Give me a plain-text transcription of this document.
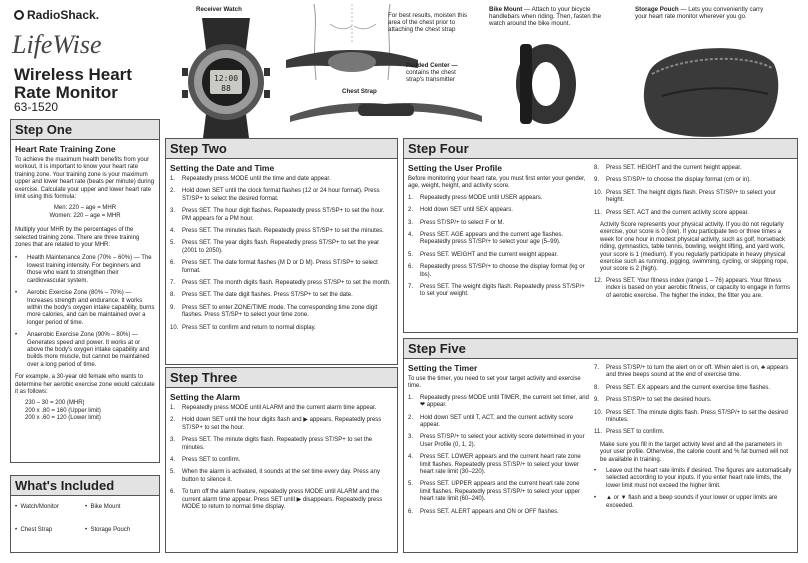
RadioShack.
LifeWise
Wireless Heart
Rate Monitor
63-1520
Receiver Watch
12:00
88
For best results, moisten this area of the chest prior to attaching the chest strap
Padded Center — contains the chest strap's transmitter
Chest Strap
Bike Mount — Attach to your bicycle handlebars when riding. Then, fasten the watch around the bike mount.
Storage Pouch — Lets you conveniently carry your heart rate monitor wherever you go.
Step One
Heart Rate Training Zone

To achieve the maximum health benefits from your workout, it is important to know your heart rate training zone. Your training zone is your maximum upper and lower heart rate (beats per minute) during exercise. Calculate your upper and lower heart rate limit using this formula:

Men: 220 – age = MHR
Women: 220 – age = MHR

Multiply your MHR by the percentages of the selected training zone. There are three training zones that are related to your MHR:

• Health Maintenance Zone (70% – 60%) — The lowest training intensity. For beginners and those who want to strengthen their cardiovascular system.
• Aerobic Exercise Zone (80% – 70%) — Increases strength and endurance. It works within the body's oxygen intake capability, burns more calories, and can be maintained over a longer period of time.
• Anaerobic Exercise Zone (90% – 80%) — Generates speed and power. It works at or above the body's oxygen intake capability and builds more muscle, but cannot be maintained over a long period of time.

For example, a 30-year old female who wants to determine her aerobic exercise zone would calculate it as follows:

230 – 30 = 200 (MHR)
200 x .80 = 160 (Upper limit)
200 x .60 = 120 (Lower limit)
What's Included
•  Watch/Monitor	•  Bike Mount
•  Chest Strap	•  Storage Pouch
Step Two
Setting the Date and Time
1.	Repeatedly press MODE until the time and date appear.
2.	Hold down SET until the clock format flashes (12 or 24 hour format). Press ST/SP+ to select the desired format.
3.	Press SET. The hour digit flashes. Repeatedly press ST/SP+ to set the hour. PM appears for a PM hour.
4.	Press SET. The minutes flash. Repeatedly press ST/SP+ to set the minutes.
5.	Press SET. The year digits flash. Repeatedly press ST/SP+ to set the year (2001 to 2050).
6.	Press SET. The date format flashes (M D or D M). Press ST/SP+ to select format.
7.	Press SET. The month digits flash. Repeatedly press ST/SP+ to set the month.
8.	Press SET. The date digit flashes. Press ST/SP+ to set the date.
9.	Press SET to enter ZONE/TIME mode. The corresponding time zone digit flashes. Press ST/SP+ to select your time zone.
10. Press SET to confirm and return to normal display.
Step Three
Setting the Alarm
1.	Repeatedly press MODE until ALARM and the current alarm time appear.
2.	Hold down SET until the hour digits flash and ▶ appears. Repeatedly press ST/SP+ to set the hour.
3.	Press SET. The minute digits flash. Repeatedly press ST/SP+ to set the minutes.
4.	Press SET to confirm.
5.	When the alarm is activated, it sounds at the set time every day. Press any button to silence it.
6.	To turn off the alarm feature, repeatedly press MODE until ALARM and the current alarm time appear. Press SET until ▶ disappears. Repeatedly press MODE to return to normal time display.
Step Four
Setting the User Profile

Before monitoring your heart rate, you must first enter your gender, age, weight, height, and activity score.

1.	Repeatedly press MODE until USER appears.
2.	Hold down SET until SEX appears.
3.	Press ST/SP/+ to select F or M.
4.	Press SET. AGE appears and the current age flashes. Repeatedly press ST/SP/+ to select your age (5–99).
5.	Press SET. WEIGHT and the current weight appear.
6.	Repeatedly press ST/SP/+ to choose the display format (kg or lbs).
7.	Press SET. The weight digits flash. Repeatedly press ST/SP/+ to set your weight.
8.	Press SET. HEIGHT and the current height appear.
9.	Press ST/SP/+ to choose the display format (cm or in).
10. Press SET. The height digits flash. Press ST/SP/+ to select your height.
11. Press SET. ACT and the current activity score appear.

Activity Score represents your physical activity. If you do not regularly exercise, your score is 0 (low). If you participate two or three times a week for one hour in modest physical activity, such as golf, horseback riding, gymnastics, table tennis, bowling, weight lifting, and yard work, your score is 1 (medium). If you regularly participate in heavy physical exercise such as running, jogging, swimming, cycling, or skipping rope, your score is 2 (high).

12. Press SET. Your fitness index (range 1 – 76) appears. Your fitness index is based on your aerobic fitness, or capacity to engage in forms of aerobic exercise. The higher the index, the fitter you are.
Step Five
Setting the Timer

To use the timer, you need to set your target activity and exercise time.

1.	Repeatedly press MODE until TIMER, the current set timer, and ❤ appear.
2.	Hold down SET until T, ACT, and the current activity score appear.
3.	Press ST/SP/+ to select your activity score determined in your User Profile (0, 1, 2).
4.	Press SET. LOWER appears and the current heart rate zone limit flashes. Repeatedly press ST/SP/+ to select your lower heart rate limit (30–220).
5.	Press SET. UPPER appears and the current heart rate zone limit flashes. Repeatedly press ST/SP/+ to select your upper heart rate limit (60–240).
6.	Press SET. ALERT appears and ON or OFF flashes.
7.	Press ST/SP/+ to turn the alert on or off. When alert is on, ♣ appears and three beeps sound at the end of exercise time.
8.	Press SET. EX appears and the current exercise time flashes.
9.	Press ST/SP/+ to set the desired hours.
10. Press SET. The minute digits flash. Press ST/SP/+ to set the desired minutes.
11. Press SET to confirm.

Make sure you fill in the target activity level and all the parameters in your user profile. Otherwise, the calorie count and % fat burned will not be available in training.

• Leave out the heart rate limits if desired. The figures are automatically selected according to your inputs. If you enter heart rate limits, the lower limit must not exceed the higher limit.
• ▲ or ▼ flash and a beep sounds if your lower or upper limits are exceeded.
